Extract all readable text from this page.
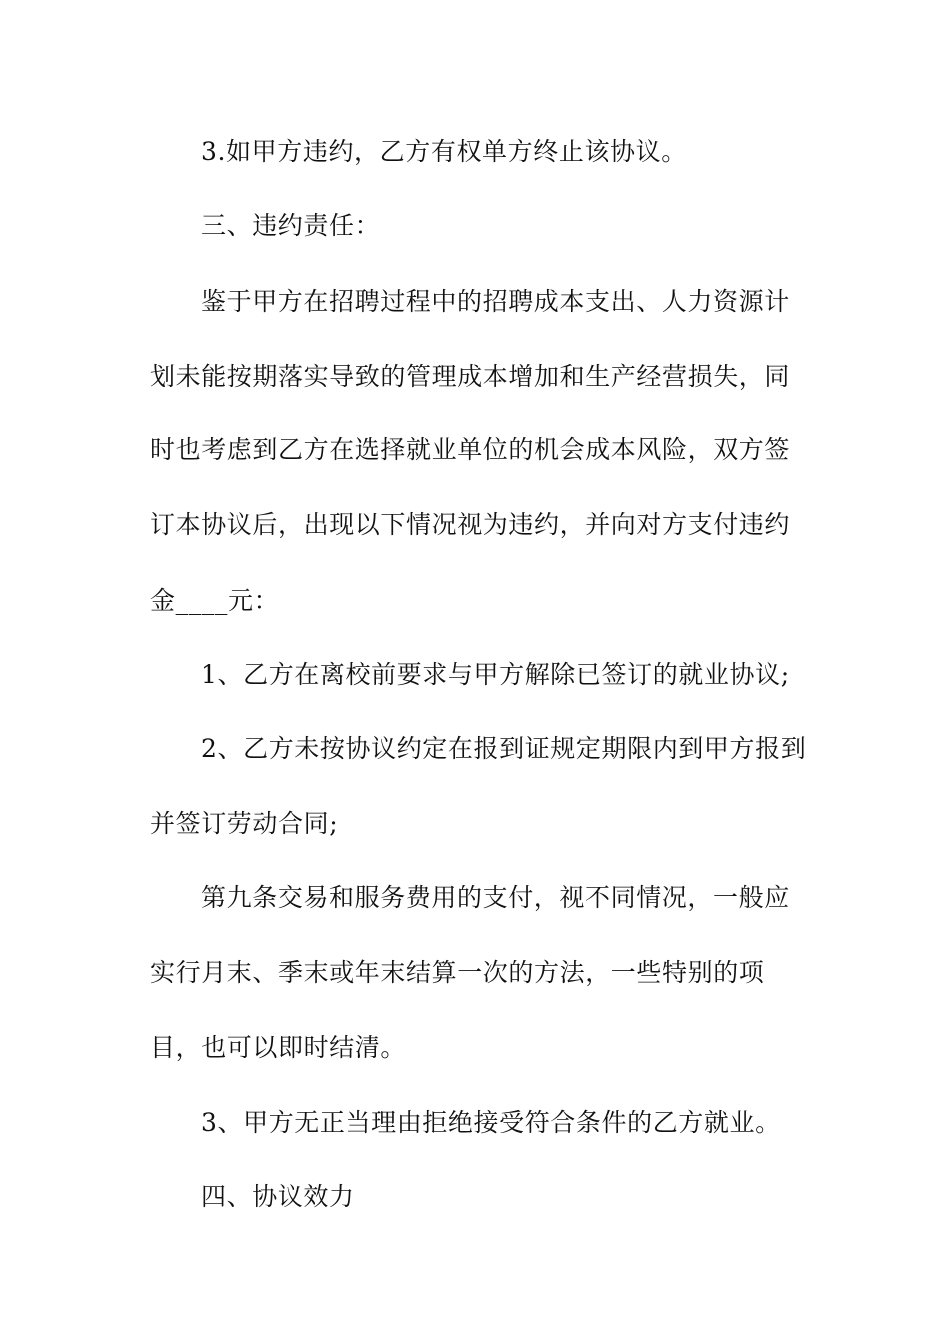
3.如甲方违约，乙方有权单方终止该协议。
三、违约责任：
鉴于甲方在招聘过程中的招聘成本支出、人力资源计
划未能按期落实导致的管理成本增加和生产经营损失，同
时也考虑到乙方在选择就业单位的机会成本风险，双方签
订本协议后，出现以下情况视为违约，并向对方支付违约
金____元：
1、乙方在离校前要求与甲方解除已签订的就业协议;
2、乙方未按协议约定在报到证规定期限内到甲方报到
并签订劳动合同;
第九条交易和服务费用的支付，视不同情况，一般应
实行月末、季末或年末结算一次的方法，一些特别的项
目，也可以即时结清。
3、甲方无正当理由拒绝接受符合条件的乙方就业。
四、协议效力
